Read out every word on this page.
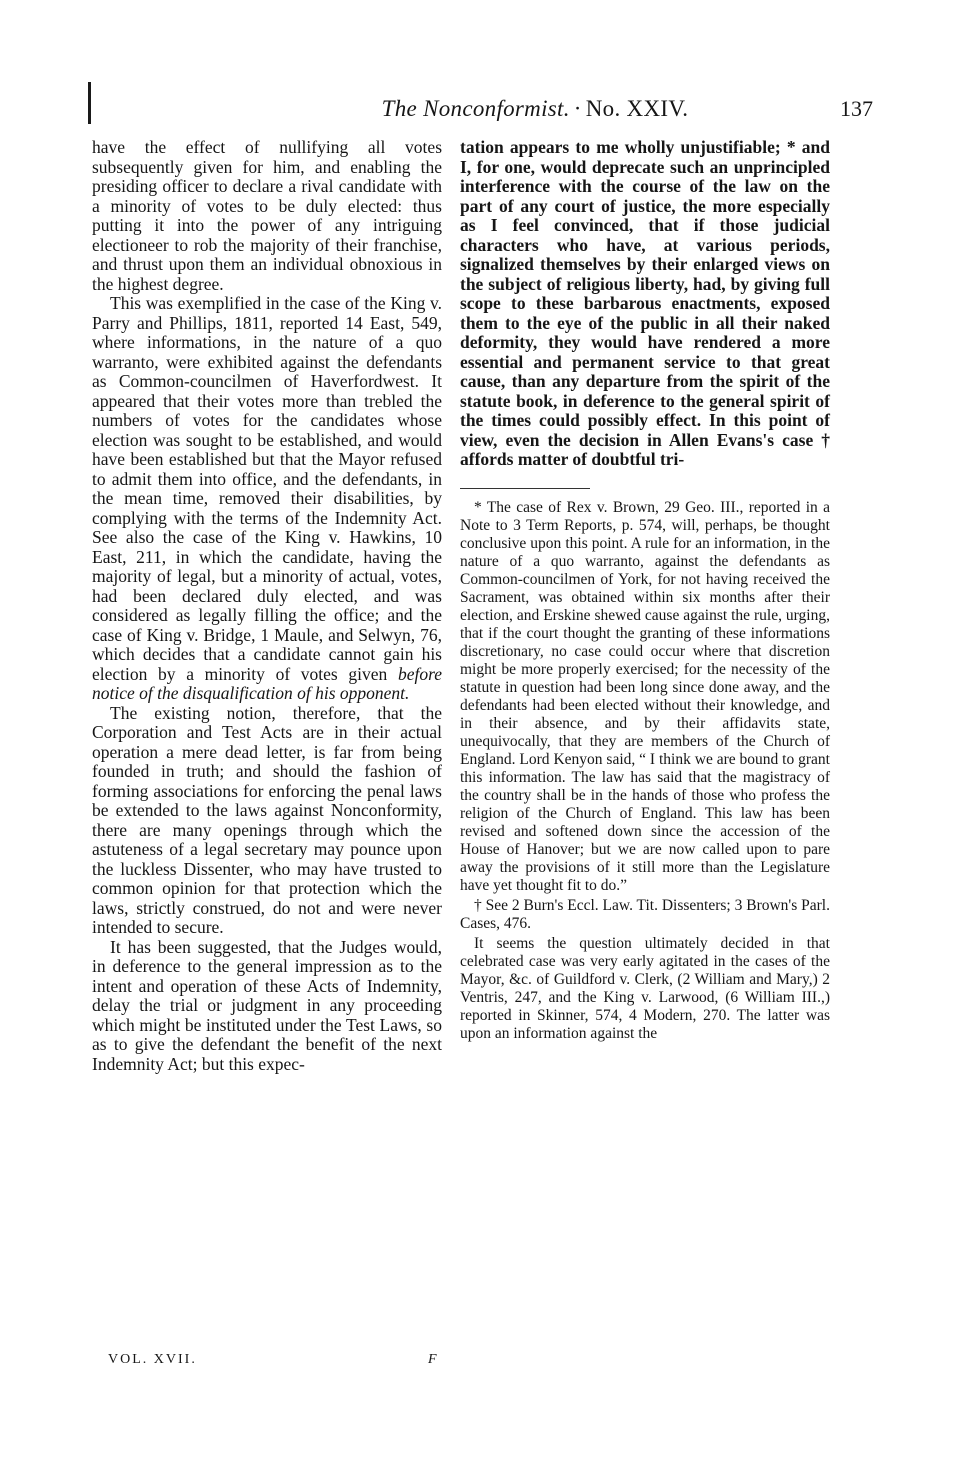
The Nonconformist. · No. XXIV.	137

have the effect of nullifying all votes subsequently given for him, and enabling the presiding officer to declare a rival candidate with a minority of votes to be duly elected: thus putting it into the power of any intriguing electioneer to rob the majority of their franchise, and thrust upon them an individual obnoxious in the highest degree.

This was exemplified in the case of the King v. Parry and Phillips, 1811, reported 14 East, 549, where informations, in the nature of a quo warranto, were exhibited against the defendants as Common-councilmen of Haverfordwest. It appeared that their votes more than trebled the numbers of votes for the candidates whose election was sought to be established, and would have been established but that the Mayor refused to admit them into office, and the defendants, in the mean time, removed their disabilities, by complying with the terms of the Indemnity Act. See also the case of the King v. Hawkins, 10 East, 211, in which the candidate, having the majority of legal, but a minority of actual, votes, had been declared duly elected, and was considered as legally filling the office; and the case of King v. Bridge, 1 Maule, and Selwyn, 76, which decides that a candidate cannot gain his election by a minority of votes given before notice of the disqualification of his opponent.

The existing notion, therefore, that the Corporation and Test Acts are in their actual operation a mere dead letter, is far from being founded in truth; and should the fashion of forming associations for enforcing the penal laws be extended to the laws against Nonconformity, there are many openings through which the astuteness of a legal secretary may pounce upon the luckless Dissenter, who may have trusted to common opinion for that protection which the laws, strictly construed, do not and were never intended to secure.

It has been suggested, that the Judges would, in deference to the general impression as to the intent and operation of these Acts of Indemnity, delay the trial or judgment in any proceeding which might be instituted under the Test Laws, so as to give the defendant the benefit of the next Indemnity Act; but this expec-

tation appears to me wholly unjustifiable; * and I, for one, would deprecate such an unprincipled interference with the course of the law on the part of any court of justice, the more especially as I feel convinced, that if those judicial characters who have, at various periods, signalized themselves by their enlarged views on the subject of religious liberty, had, by giving full scope to these barbarous enactments, exposed them to the eye of the public in all their naked deformity, they would have rendered a more essential and permanent service to that great cause, than any departure from the spirit of the statute book, in deference to the general spirit of the times could possibly effect. In this point of view, even the decision in Allen Evans's case † affords matter of doubtful tri-

* The case of Rex v. Brown, 29 Geo. III., reported in a Note to 3 Term Reports, p. 574, will, perhaps, be thought conclusive upon this point. A rule for an information, in the nature of a quo warranto, against the defendants as Common-councilmen of York, for not having received the Sacrament, was obtained within six months after their election, and Erskine shewed cause against the rule, urging, that if the court thought the granting of these informations discretionary, no case could occur where that discretion might be more properly exercised; for the necessity of the statute in question had been long since done away, and the defendants had been elected without their knowledge, and in their absence, and by their affidavits state, unequivocally, that they are members of the Church of England. Lord Kenyon said, “ I think we are bound to grant this information. The law has said that the magistracy of the country shall be in the hands of those who profess the religion of the Church of England. This law has been revised and softened down since the accession of the House of Hanover; but we are now called upon to pare away the provisions of it still more than the Legislature have yet thought fit to do.”

† See 2 Burn's Eccl. Law. Tit. Dissenters; 3 Brown's Parl. Cases, 476.

It seems the question ultimately decided in that celebrated case was very early agitated in the cases of the Mayor, &c. of Guildford v. Clerk, (2 William and Mary,) 2 Ventris, 247, and the King v. Larwood, (6 William III.,) reported in Skinner, 574, 4 Modern, 270. The latter was upon an information against the

VOL. XVII.	F
